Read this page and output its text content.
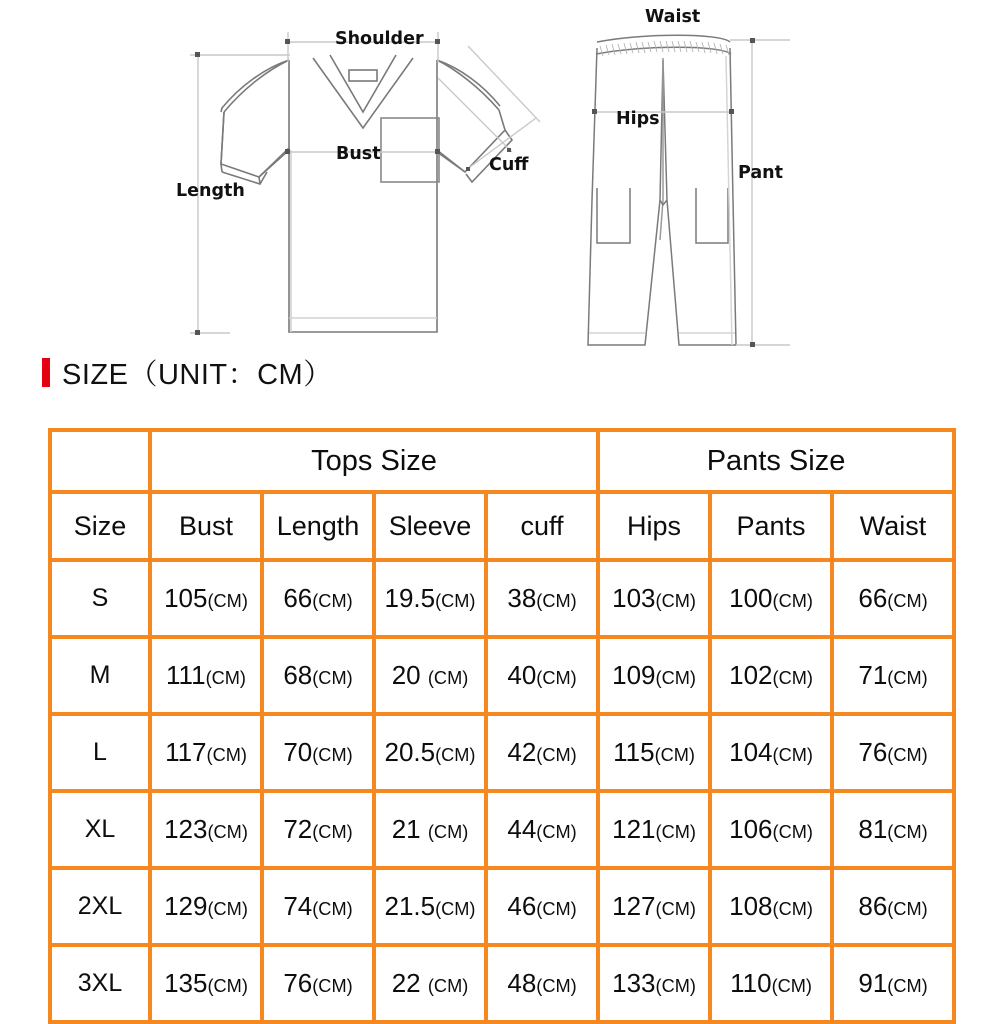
Shoulder
Bust
Length
Cuff
Waist
Hips
Pant
SIZE（UNIT：CM）
	Tops Size				Pants Size		
Size	Bust	Length	Sleeve	cuff	Hips	Pants	Waist
S	105(CM)	66(CM)	19.5(CM)	38(CM)	103(CM)	100(CM)	66(CM)
M	111(CM)	68(CM)	20 (CM)	40(CM)	109(CM)	102(CM)	71(CM)
L	117(CM)	70(CM)	20.5(CM)	42(CM)	115(CM)	104(CM)	76(CM)
XL	123(CM)	72(CM)	21 (CM)	44(CM)	121(CM)	106(CM)	81(CM)
2XL	129(CM)	74(CM)	21.5(CM)	46(CM)	127(CM)	108(CM)	86(CM)
3XL	135(CM)	76(CM)	22 (CM)	48(CM)	133(CM)	110(CM)	91(CM)
